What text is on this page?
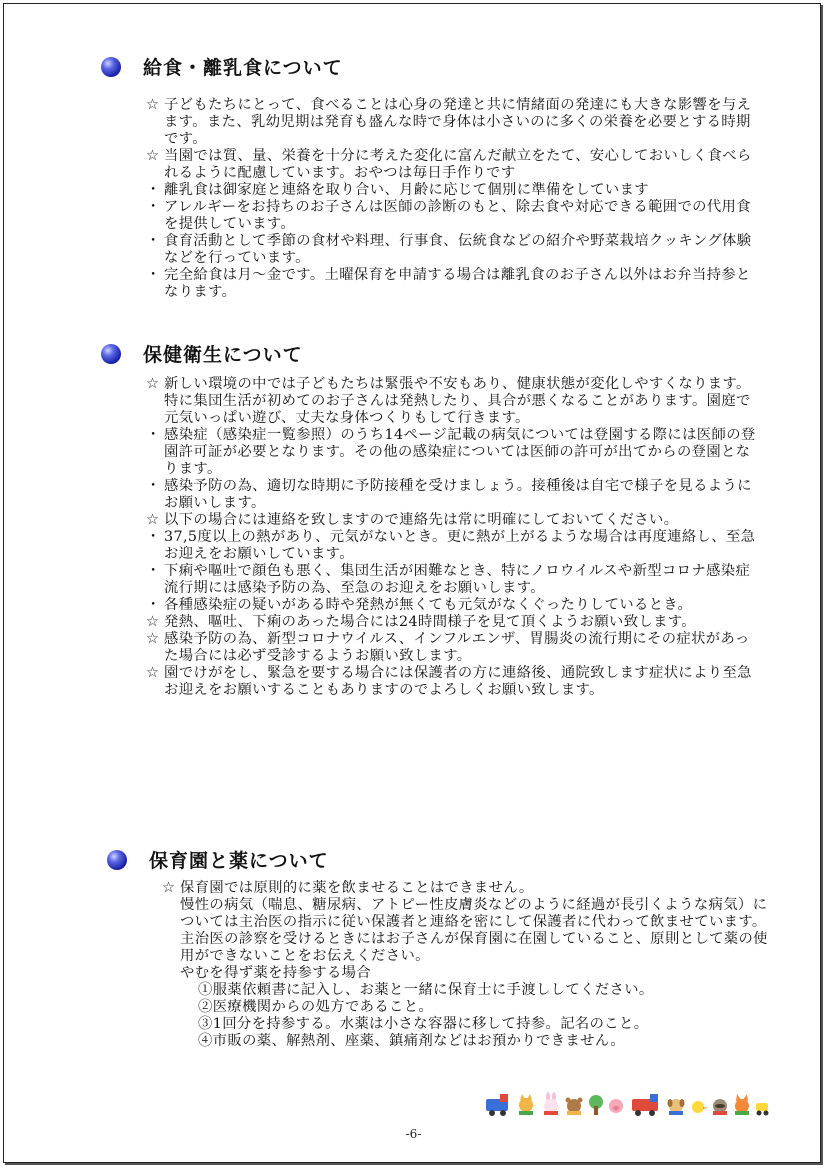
給食・離乳食について

☆ 子どもたちにとって、食べることは心身の発達と共に情緒面の発達にも大きな影響を与えます。また、乳幼児期は発育も盛んな時で身体は小さいのに多くの栄養を必要とする時期です。

☆ 当園では質、量、栄養を十分に考えた変化に富んだ献立をたて、安心しておいしく食べられるように配慮しています。おやつは毎日手作りです

・ 離乳食は御家庭と連絡を取り合い、月齢に応じて個別に準備をしています

・ アレルギーをお持ちのお子さんは医師の診断のもと、除去食や対応できる範囲での代用食を提供しています。

・ 食育活動として季節の食材や料理、行事食、伝統食などの紹介や野菜栽培クッキング体験などを行っています。

・ 完全給食は月～金です。土曜保育を申請する場合は離乳食のお子さん以外はお弁当持参となります。

保健衛生について

☆ 新しい環境の中では子どもたちは緊張や不安もあり、健康状態が変化しやすくなります。特に集団生活が初めてのお子さんは発熱したり、具合が悪くなることがあります。園庭で元気いっぱい遊び、丈夫な身体つくりもして行きます。

・ 感染症（感染症一覧参照）のうち14ページ記載の病気については登園する際には医師の登園許可証が必要となります。その他の感染症については医師の許可が出てからの登園となります。

・ 感染予防の為、適切な時期に予防接種を受けましょう。接種後は自宅で様子を見るようにお願いします。

☆ 以下の場合には連絡を致しますので連絡先は常に明確にしておいてください。

・ 37,5度以上の熱があり、元気がないとき。更に熱が上がるような場合は再度連絡し、至急お迎えをお願いしています。

・ 下痢や嘔吐で顔色も悪く、集団生活が困難なとき、特にノロウイルスや新型コロナ感染症流行期には感染予防の為、至急のお迎えをお願いします。

・ 各種感染症の疑いがある時や発熱が無くても元気がなくぐったりしているとき。

☆ 発熱、嘔吐、下痢のあった場合には24時間様子を見て頂くようお願い致します。

☆ 感染予防の為、新型コロナウイルス、インフルエンザ、胃腸炎の流行期にその症状があった場合には必ず受診するようお願い致します。

☆ 園でけがをし、緊急を要する場合には保護者の方に連絡後、通院致します症状により至急お迎えをお願いすることもありますのでよろしくお願い致します。

保育園と薬について

☆ 保育園では原則的に薬を飲ませることはできません。

慢性の病気（喘息、糖尿病、アトピー性皮膚炎などのように経過が長引くような病気）については主治医の指示に従い保護者と連絡を密にして保護者に代わって飲ませています。

主治医の診察を受けるときにはお子さんが保育園に在園していること、原則として薬の使用ができないことをお伝えください。

やむを得ず薬を持参する場合

①服薬依頼書に記入し、お薬と一緒に保育士に手渡ししてください。

②医療機関からの処方であること。

③1回分を持参する。水薬は小さな容器に移して持参。記名のこと。

④市販の薬、解熱剤、座薬、鎮痛剤などはお預かりできません。

-6-
